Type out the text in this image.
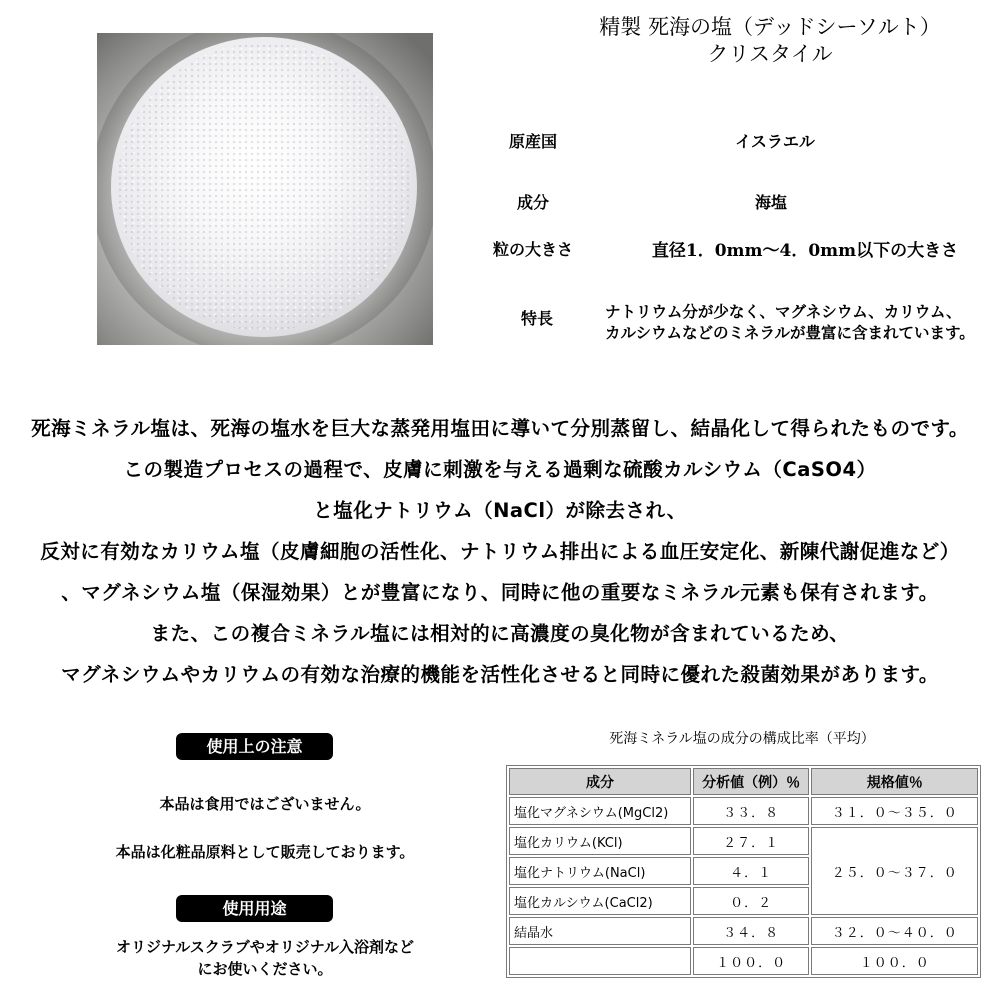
精製 死海の塩（デッドシーソルト）
クリスタイル
原産国	イスラエル
成分	海塩
粒の大きさ	直径1．0mm～4．0mm以下の大きさ
特長	ナトリウム分が少なく、マグネシウム、カリウム、
カルシウムなどのミネラルが豊富に含まれています。
死海ミネラル塩は、死海の塩水を巨大な蒸発用塩田に導いて分別蒸留し、結晶化して得られたものです。
この製造プロセスの過程で、皮膚に刺激を与える過剰な硫酸カルシウム（CaSO4）
と塩化ナトリウム（NaCl）が除去され、
反対に有効なカリウム塩（皮膚細胞の活性化、ナトリウム排出による血圧安定化、新陳代謝促進など）
、マグネシウム塩（保湿効果）とが豊富になり、同時に他の重要なミネラル元素も保有されます。
また、この複合ミネラル塩には相対的に高濃度の臭化物が含まれているため、
マグネシウムやカリウムの有効な治療的機能を活性化させると同時に優れた殺菌効果があります。
使用上の注意
本品は食用ではございません。
本品は化粧品原料として販売しております。
使用用途
オリジナルスクラブやオリジナル入浴剤など
にお使いください。
死海ミネラル塩の成分の構成比率（平均）
成分	分析値（例）％	規格値％
塩化マグネシウム(MgCl2)	３３．８	３１．０～３５．０
塩化カリウム(KCl)	２７．１	２５．０～３７．０
塩化ナトリウム(NaCl)	４．１	
塩化カルシウム(CaCl2)	０．２	
結晶水	３４．８	３２．０～４０．０
	１００．０	１００．０
